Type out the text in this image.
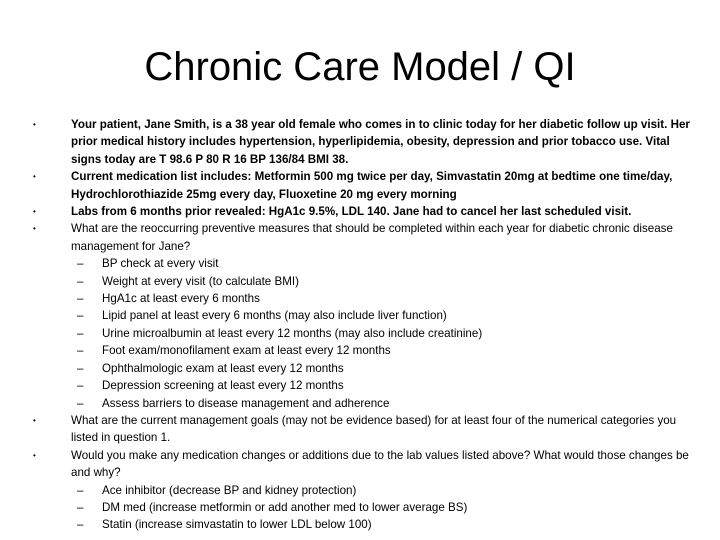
Chronic Care Model / QI
•	Your patient, Jane Smith, is a 38 year old female who comes in to clinic today for her diabetic follow up visit. Her prior medical history includes hypertension, hyperlipidemia, obesity, depression and prior tobacco use. Vital signs today are T 98.6 P 80 R 16 BP 136/84 BMI 38.
•	Current medication list includes: Metformin 500 mg twice per day, Simvastatin 20mg at bedtime one time/day, Hydrochlorothiazide 25mg every day, Fluoxetine 20 mg every morning
•	Labs from 6 months prior revealed: HgA1c 9.5%, LDL 140. Jane had to cancel her last scheduled visit.
•	What are the reoccurring preventive measures that should be completed within each year for diabetic chronic disease management for Jane?
– BP check at every visit
– Weight at every visit (to calculate BMI)
– HgA1c at least every 6 months
– Lipid panel at least every 6 months (may also include liver function)
– Urine microalbumin at least every 12 months (may also include creatinine)
– Foot exam/monofilament exam at least every 12 months
– Ophthalmologic exam at least every 12 months
– Depression screening at least every 12 months
– Assess barriers to disease management and adherence
•	What are the current management goals (may not be evidence based) for at least four of the numerical categories you listed in question 1.
•	Would you make any medication changes or additions due to the lab values listed above? What would those changes be and why?
– Ace inhibitor (decrease BP and kidney protection)
– DM med (increase metformin or add another med to lower average BS)
– Statin (increase simvastatin to lower LDL below 100)
